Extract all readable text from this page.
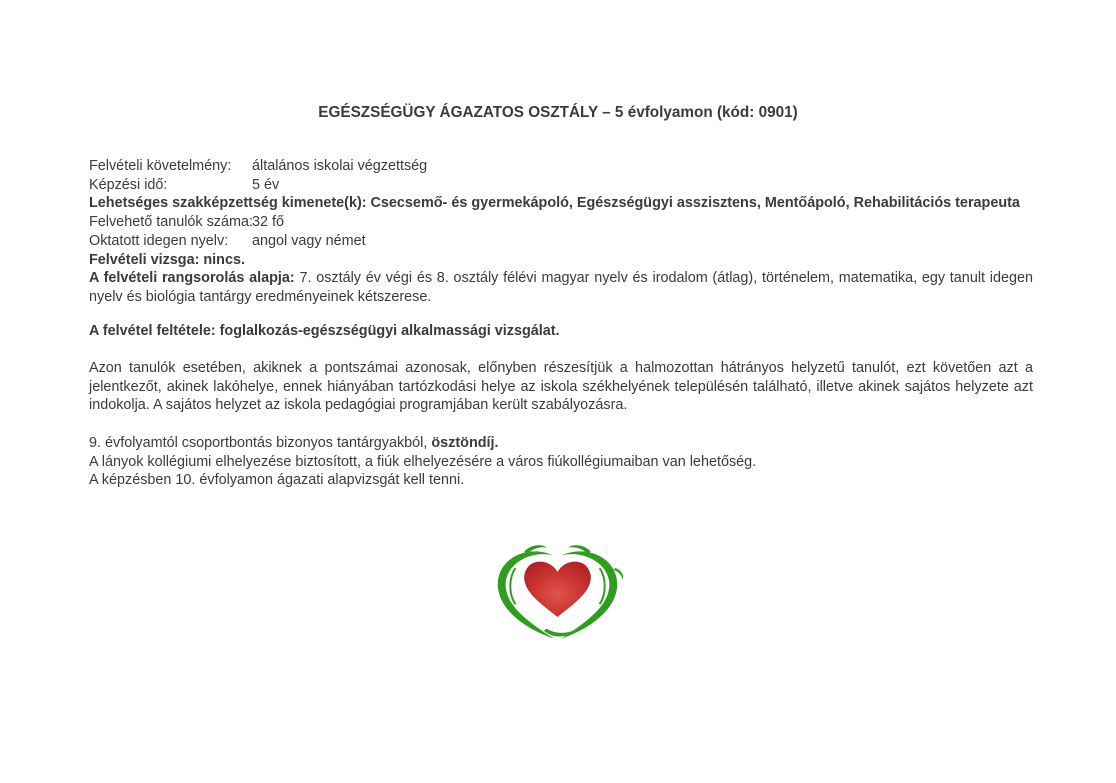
EGÉSZSÉGÜGY ÁGAZATOS OSZTÁLY – 5 évfolyamon (kód: 0901)
Felvételi követelmény:	általános iskolai végzettség
Képzési idő:	5 év
Lehetséges szakképzettség kimenete(k): Csecsemő- és gyermekápoló, Egészségügyi asszisztens, Mentőápoló, Rehabilitációs terapeuta
Felvehető tanulók száma: 32 fő
Oktatott idegen nyelv:	angol vagy német
Felvételi vizsga: nincs.

A felvételi rangsorolás alapja: 7. osztály év végi és 8. osztály félévi magyar nyelv és irodalom (átlag), történelem, matematika, egy tanult idegen nyelv és biológia tantárgy eredményeinek kétszerese.

A felvétel feltétele: foglalkozás-egészségügyi alkalmassági vizsgálat.

Azon tanulók esetében, akiknek a pontszámai azonosak, előnyben részesítjük a halmozottan hátrányos helyzetű tanulót, ezt követően azt a jelentkezőt, akinek lakóhelye, ennek hiányában tartózkodási helye az iskola székhelyének településén található, illetve akinek sajátos helyzete azt indokolja. A sajátos helyzet az iskola pedagógiai programjában került szabályozásra.

9. évfolyamtól csoportbontás bizonyos tantárgyakból, ösztöndíj.
A lányok kollégiumi elhelyezése biztosított, a fiúk elhelyezésére a város fiúkollégiumaiban van lehetőség.
A képzésben 10. évfolyamon ágazati alapvizsgát kell tenni.
